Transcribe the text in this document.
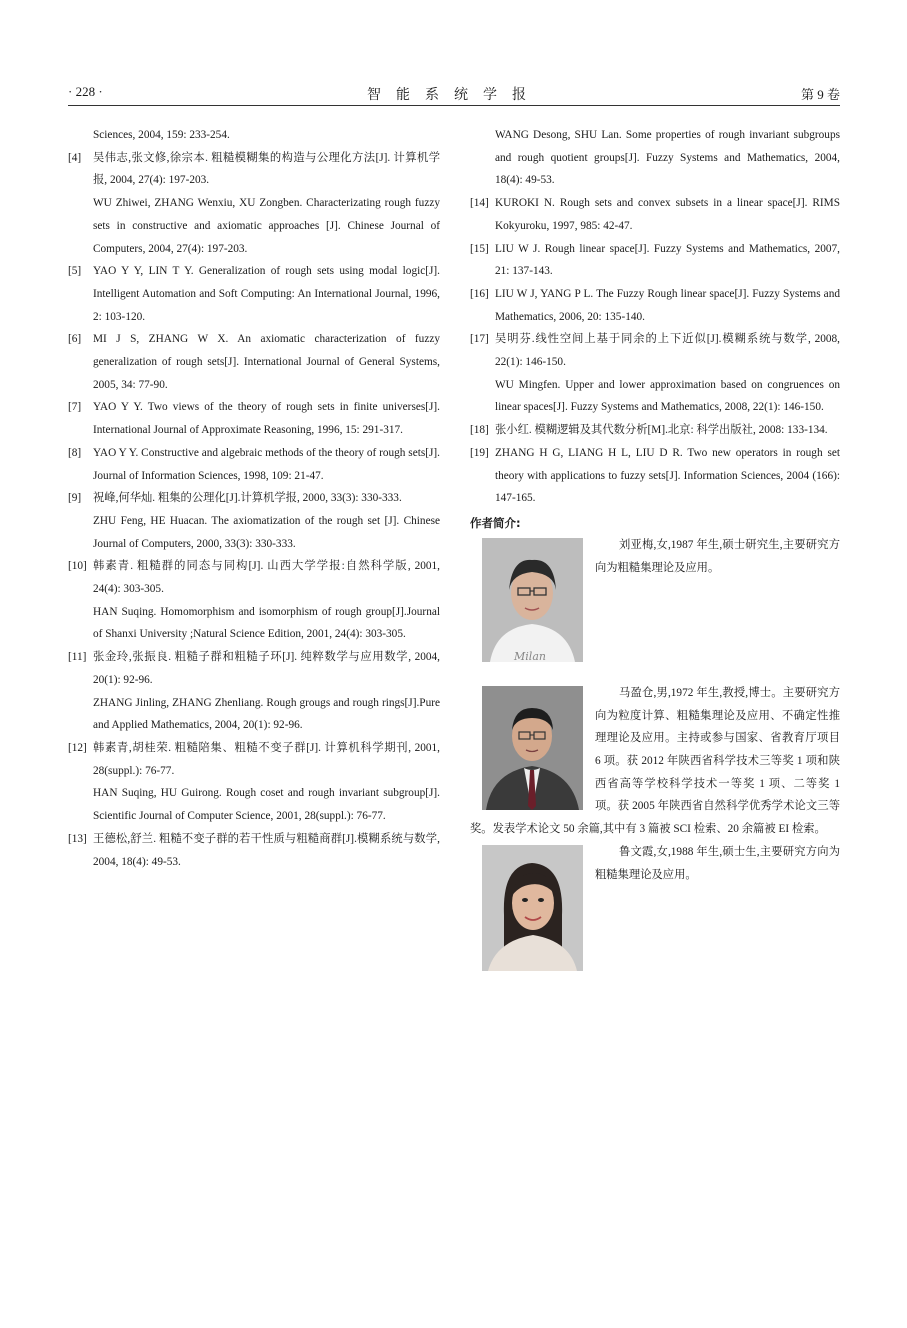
· 228 ·	智能系统学报	第 9 卷
Sciences, 2004, 159: 233-254.
[4] 吴伟志,张文修,徐宗本. 粗糙模糊集的构造与公理化方法[J]. 计算机学报, 2004, 27(4): 197-203.
WU Zhiwei, ZHANG Wenxiu, XU Zongben. Characterizating rough fuzzy sets in constructive and axiomatic approaches [J]. Chinese Journal of Computers, 2004, 27(4): 197-203.
[5] YAO Y Y, LIN T Y. Generalization of rough sets using modal logic[J]. Intelligent Automation and Soft Computing: An International Journal, 1996, 2: 103-120.
[6] MI J S, ZHANG W X. An axiomatic characterization of fuzzy generalization of rough sets[J]. International Journal of General Systems, 2005, 34: 77-90.
[7] YAO Y Y. Two views of the theory of rough sets in finite universes[J]. International Journal of Approximate Reasoning, 1996, 15: 291-317.
[8] YAO Y Y. Constructive and algebraic methods of the theory of rough sets[J]. Journal of Information Sciences, 1998, 109: 21-47.
[9] 祝峰,何华灿. 粗集的公理化[J].计算机学报, 2000, 33(3): 330-333.
ZHU Feng, HE Huacan. The axiomatization of the rough set [J]. Chinese Journal of Computers, 2000, 33(3): 330-333.
[10] 韩素青. 粗糙群的同态与同构[J]. 山西大学学报:自然科学版, 2001, 24(4): 303-305.
HAN Suqing. Homomorphism and isomorphism of rough group[J].Journal of Shanxi University ;Natural Science Edition, 2001, 24(4): 303-305.
[11] 张金玲,张振良. 粗糙子群和粗糙子环[J]. 纯粹数学与应用数学, 2004, 20(1): 92-96.
ZHANG Jinling, ZHANG Zhenliang. Rough grougs and rough rings[J].Pure and Applied Mathematics, 2004, 20(1): 92-96.
[12] 韩素青,胡桂荣. 粗糙陪集、粗糙不变子群[J]. 计算机科学期刊, 2001, 28(suppl.): 76-77.
HAN Suqing, HU Guirong. Rough coset and rough invariant subgroup[J]. Scientific Journal of Computer Science, 2001, 28(suppl.): 76-77.
[13] 王德松,舒兰. 粗糙不变子群的若干性质与粗糙商群[J].模糊系统与数学, 2004, 18(4): 49-53.
WANG Desong, SHU Lan. Some properties of rough invariant subgroups and rough quotient groups[J]. Fuzzy Systems and Mathematics, 2004, 18(4): 49-53.
[14] KUROKI N. Rough sets and convex subsets in a linear space[J]. RIMS Kokyuroku, 1997, 985: 42-47.
[15] LIU W J. Rough linear space[J]. Fuzzy Systems and Mathematics, 2007, 21: 137-143.
[16] LIU W J, YANG P L. The Fuzzy Rough linear space[J]. Fuzzy Systems and Mathematics, 2006, 20: 135-140.
[17] 吴明芬.线性空间上基于同余的上下近似[J].模糊系统与数学, 2008, 22(1): 146-150.
WU Mingfen. Upper and lower approximation based on congruences on linear spaces[J]. Fuzzy Systems and Mathematics, 2008, 22(1): 146-150.
[18] 张小红. 模糊逻辑及其代数分析[M].北京: 科学出版社, 2008: 133-134.
[19] ZHANG H G, LIANG H L, LIU D R. Two new operators in rough set theory with applications to fuzzy sets[J]. Information Sciences, 2004 (166): 147-165.
作者简介:
Milan
刘亚梅,女,1987 年生,硕士研究生,主要研究方向为粗糙集理论及应用。
马盈仓,男,1972 年生,教授,博士。主要研究方向为粒度计算、粗糙集理论及应用、不确定性推理理论及应用。主持或参与国家、省教育厅项目 6 项。获 2012 年陕西省科学技术三等奖 1 项和陕西省高等学校科学技术一等奖 1 项、二等奖 1 项。获 2005 年陕西省自然科学优秀学术论文三等奖。发表学术论文 50 余篇,其中有 3 篇被 SCI 检索、20 余篇被 EI 检索。
鲁文霞,女,1988 年生,硕士生,主要研究方向为粗糙集理论及应用。
